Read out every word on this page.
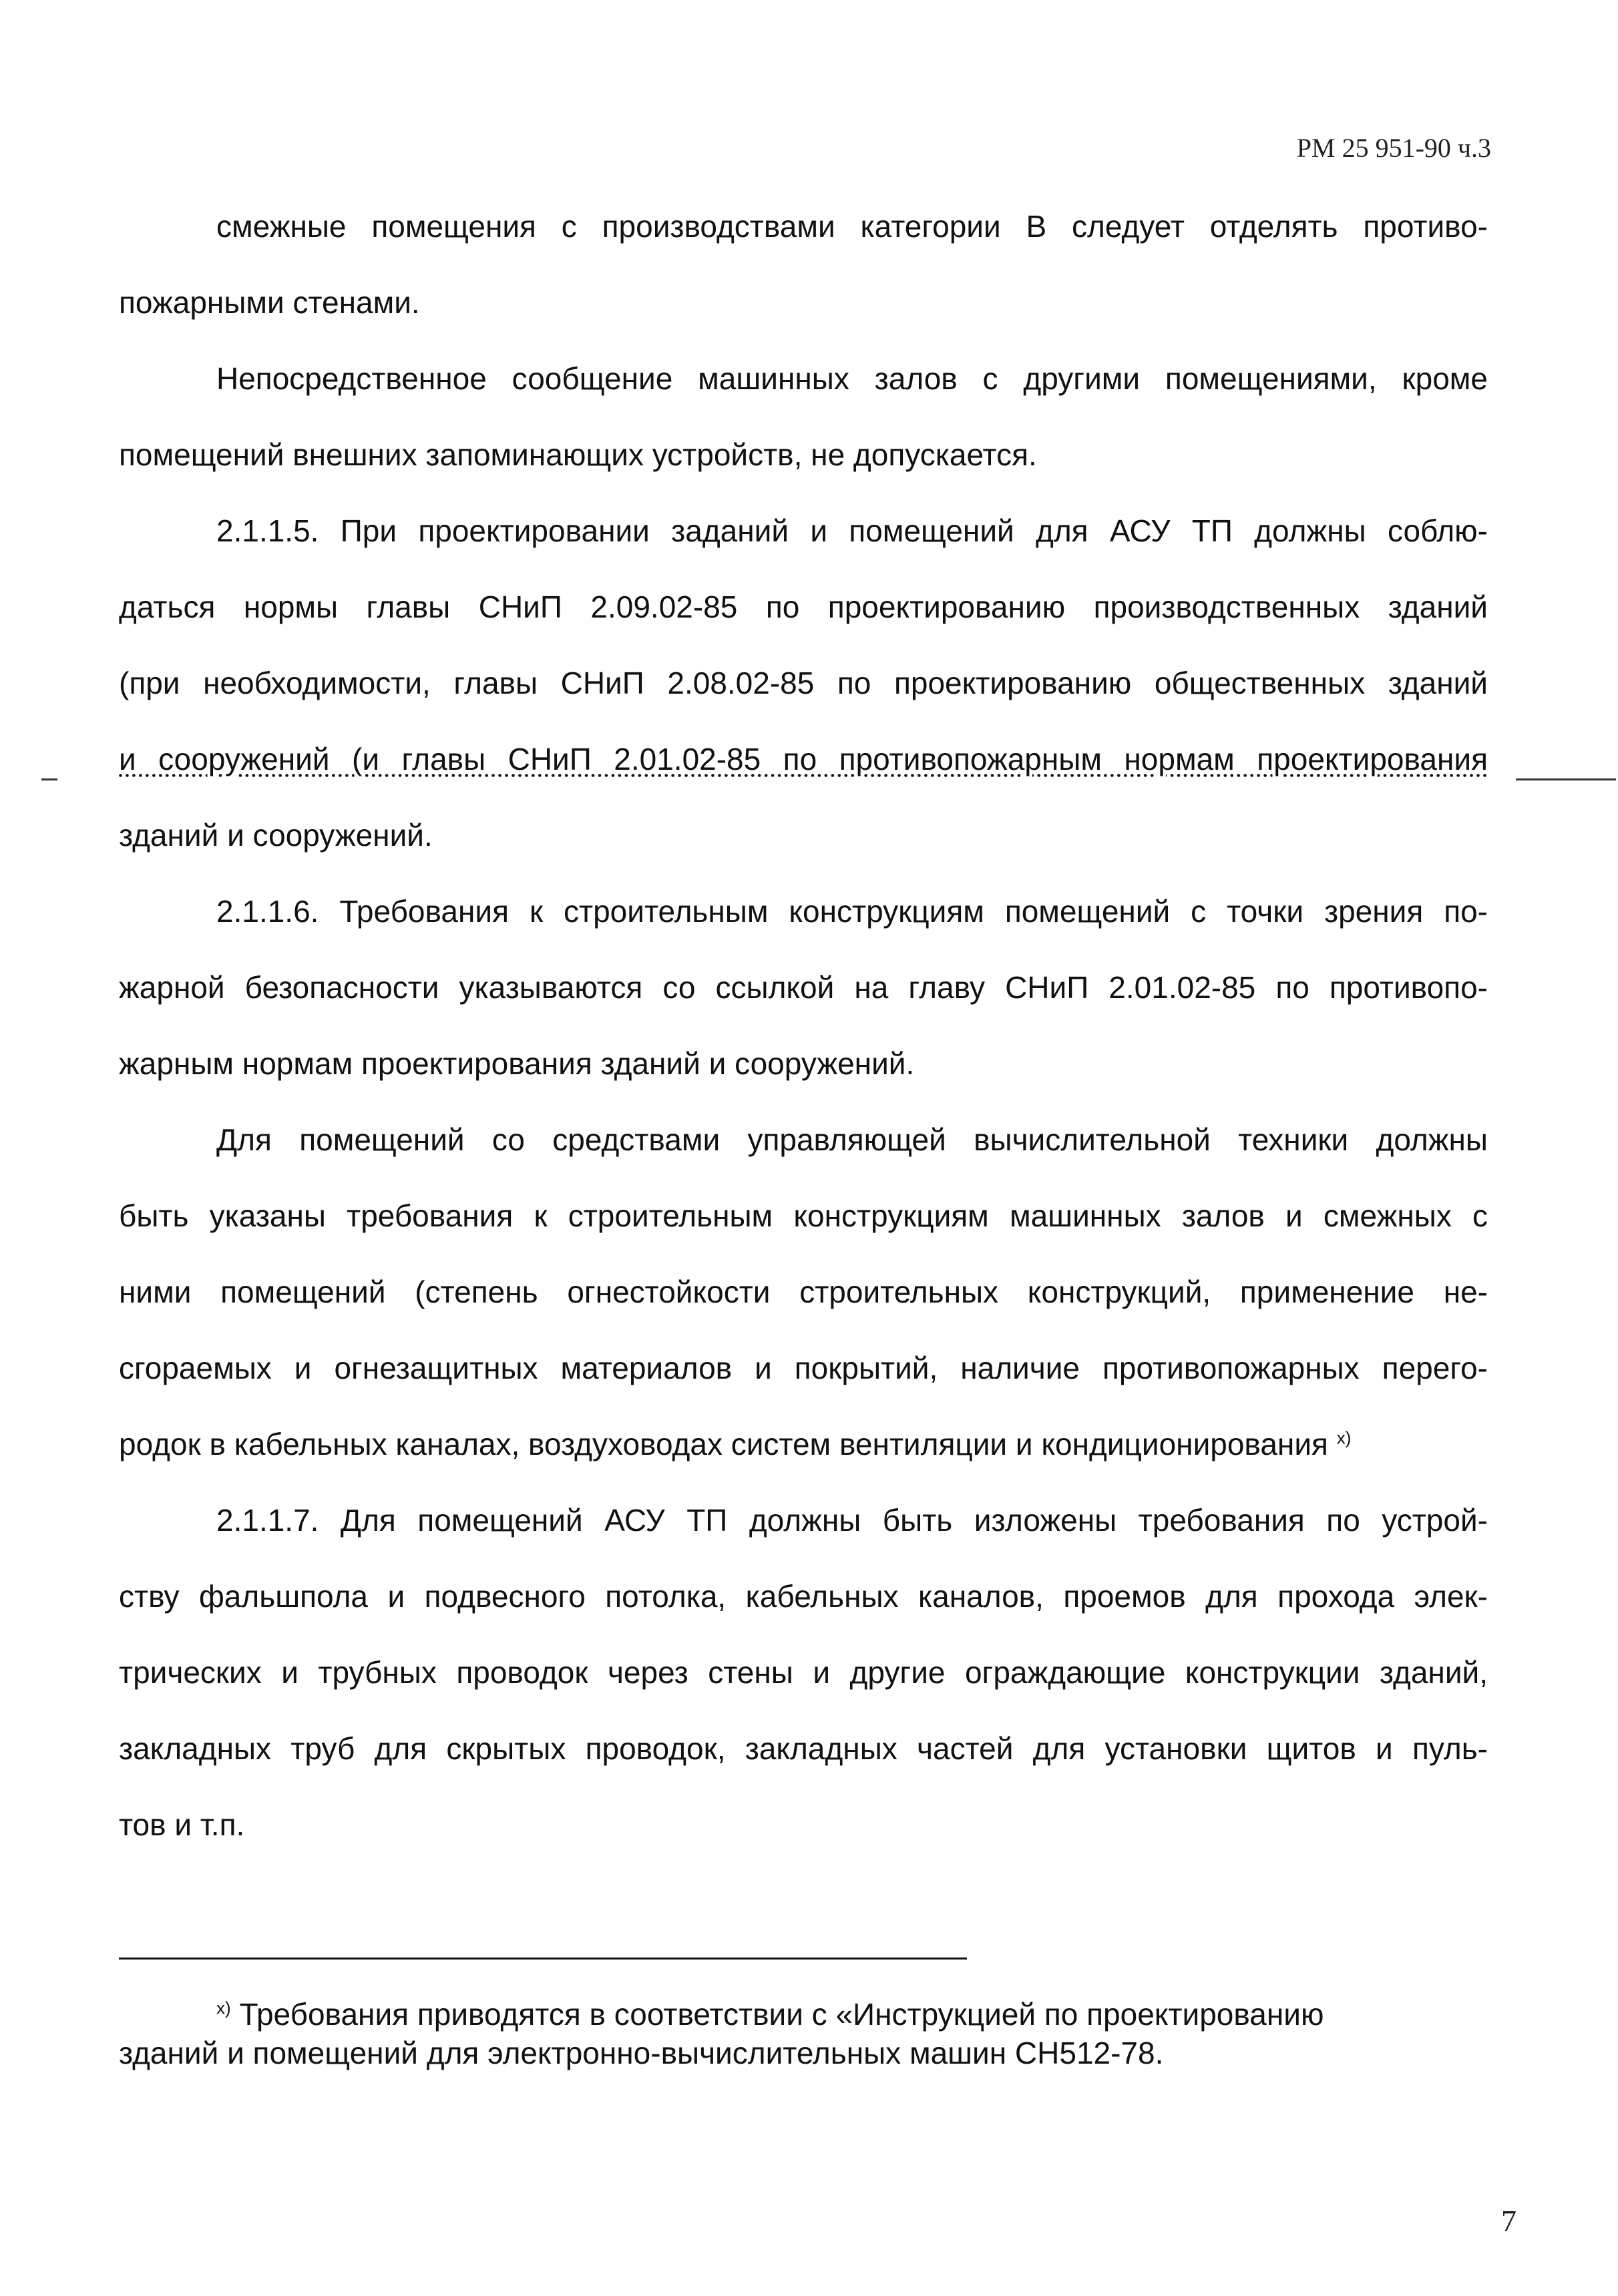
РМ 25 951-90 ч.3
смежные помещения с производствами категории В следует отделять противо-
пожарными стенами.
Непосредственное сообщение машинных залов с другими помещениями, кроме
помещений внешних запоминающих устройств, не допускается.
2.1.1.5. При проектировании заданий и помещений для АСУ ТП должны соблю-
даться нормы главы СНиП 2.09.02-85 по проектированию производственных зданий
(при необходимости, главы СНиП 2.08.02-85 по проектированию общественных зданий
и сооружений (и главы СНиП 2.01.02-85 по противопожарным нормам проектирования
зданий и сооружений.
2.1.1.6. Требования к строительным конструкциям помещений с точки зрения по-
жарной безопасности указываются со ссылкой на главу СНиП 2.01.02-85 по противопо-
жарным нормам проектирования зданий и сооружений.
Для помещений со средствами управляющей вычислительной техники должны
быть указаны требования к строительным конструкциям машинных залов и смежных с
ними помещений (степень огнестойкости строительных конструкций, применение не-
сгораемых и огнезащитных материалов и покрытий, наличие противопожарных перего-
родок в кабельных каналах, воздуховодах систем вентиляции и кондиционирования $^{х)}$
2.1.1.7. Для помещений АСУ ТП должны быть изложены требования по устрой-
ству фальшпола и подвесного потолка, кабельных каналов, проемов для прохода элек-
трических и трубных проводок через стены и другие ограждающие конструкции зданий,
закладных труб для скрытых проводок, закладных частей для установки щитов и пуль-
тов и т.п.
$^{х)}$ Требования приводятся в соответствии с «Инструкцией по проектированию
зданий и помещений для электронно-вычислительных машин СН512-78.
7
